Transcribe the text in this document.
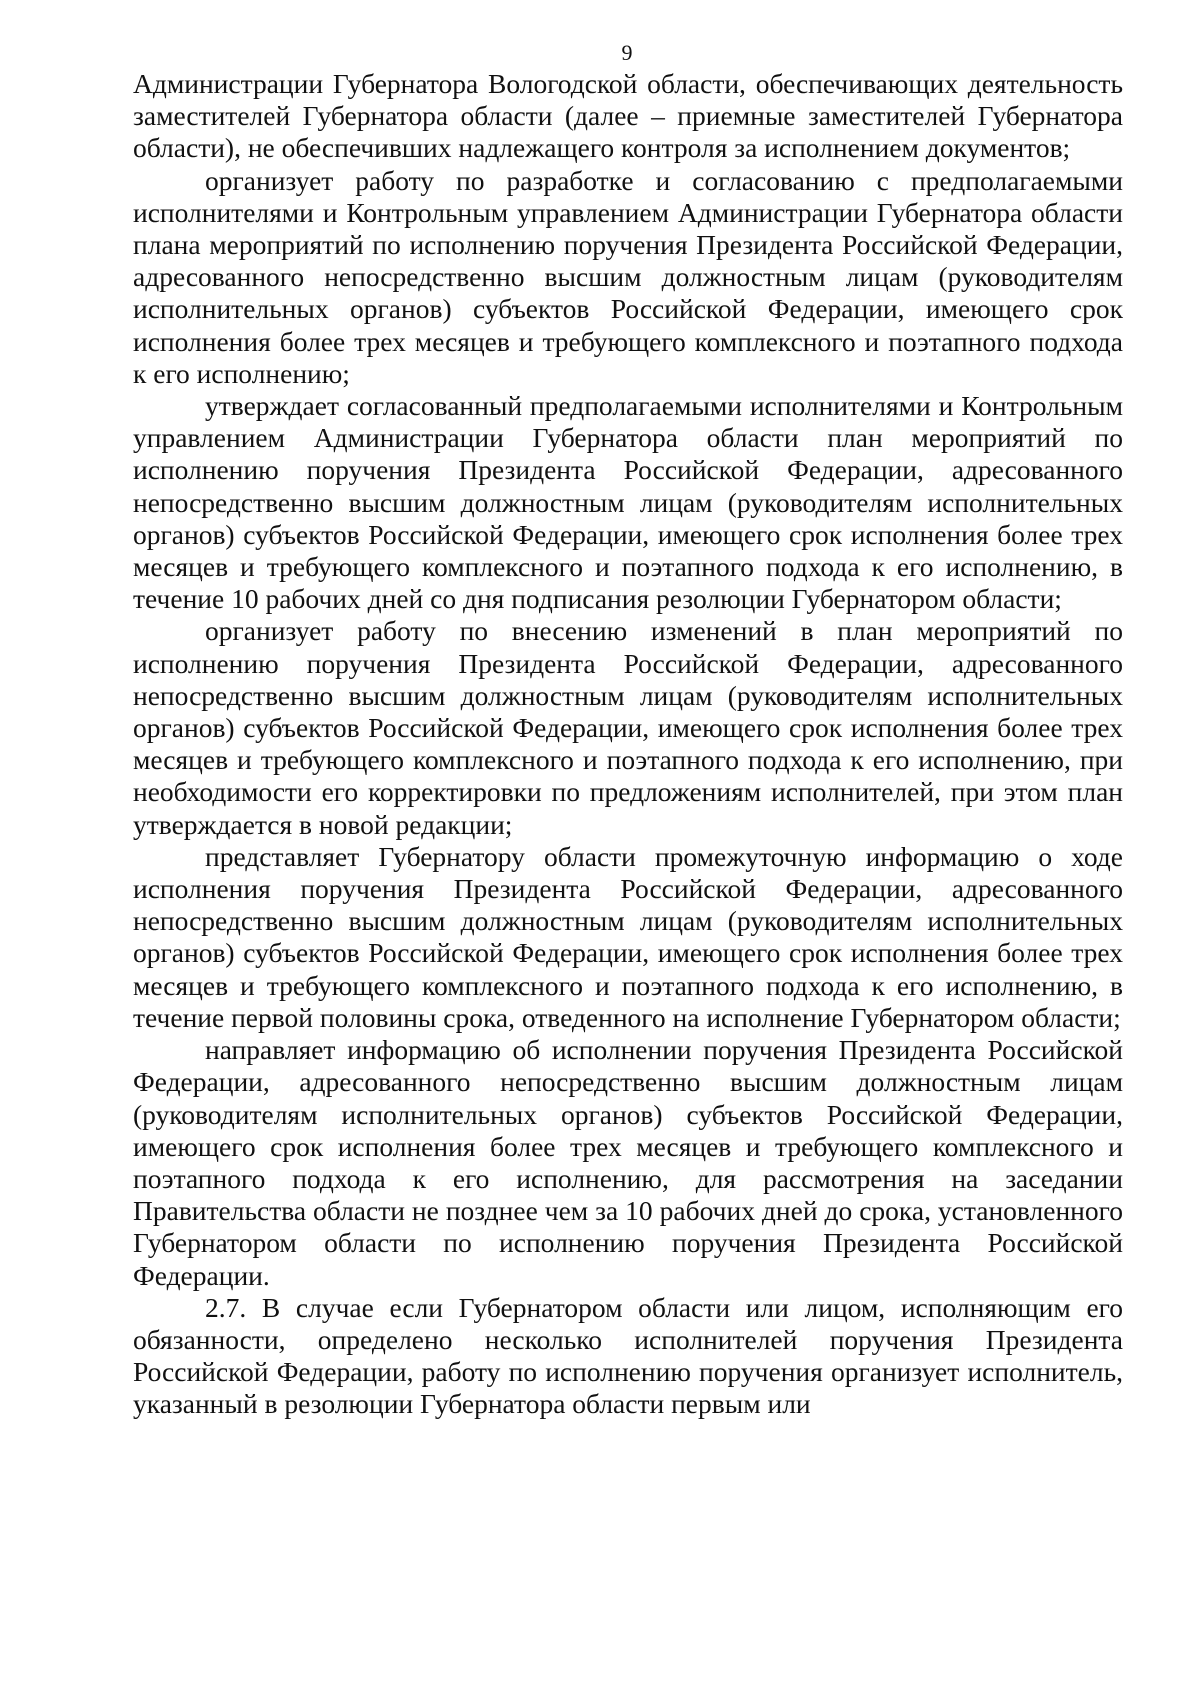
9

Администрации Губернатора Вологодской области, обеспечивающих деятельность заместителей Губернатора области (далее – приемные заместителей Губернатора области), не обеспечивших надлежащего контроля за исполнением документов;

организует работу по разработке и согласованию с предполагаемыми исполнителями и Контрольным управлением Администрации Губернатора области плана мероприятий по исполнению поручения Президента Российской Федерации, адресованного непосредственно высшим должностным лицам (руководителям исполнительных органов) субъектов Российской Федерации, имеющего срок исполнения более трех месяцев и требующего комплексного и поэтапного подхода к его исполнению;

утверждает согласованный предполагаемыми исполнителями и Контрольным управлением Администрации Губернатора области план мероприятий по исполнению поручения Президента Российской Федерации, адресованного непосредственно высшим должностным лицам (руководителям исполнительных органов) субъектов Российской Федерации, имеющего срок исполнения более трех месяцев и требующего комплексного и поэтапного подхода к его исполнению, в течение 10 рабочих дней со дня подписания резолюции Губернатором области;

организует работу по внесению изменений в план мероприятий по исполнению поручения Президента Российской Федерации, адресованного непосредственно высшим должностным лицам (руководителям исполнительных органов) субъектов Российской Федерации, имеющего срок исполнения более трех месяцев и требующего комплексного и поэтапного подхода к его исполнению, при необходимости его корректировки по предложениям исполнителей, при этом план утверждается в новой редакции;

представляет Губернатору области промежуточную информацию о ходе исполнения поручения Президента Российской Федерации, адресованного непосредственно высшим должностным лицам (руководителям исполнительных органов) субъектов Российской Федерации, имеющего срок исполнения более трех месяцев и требующего комплексного и поэтапного подхода к его исполнению, в течение первой половины срока, отведенного на исполнение Губернатором области;

направляет информацию об исполнении поручения Президента Российской Федерации, адресованного непосредственно высшим должностным лицам (руководителям исполнительных органов) субъектов Российской Федерации, имеющего срок исполнения более трех месяцев и требующего комплексного и поэтапного подхода к его исполнению, для рассмотрения на заседании Правительства области не позднее чем за 10 рабочих дней до срока, установленного Губернатором области по исполнению поручения Президента Российской Федерации.

2.7. В случае если Губернатором области или лицом, исполняющим его обязанности, определено несколько исполнителей поручения Президента Российской Федерации, работу по исполнению поручения организует исполнитель, указанный в резолюции Губернатора области первым или
